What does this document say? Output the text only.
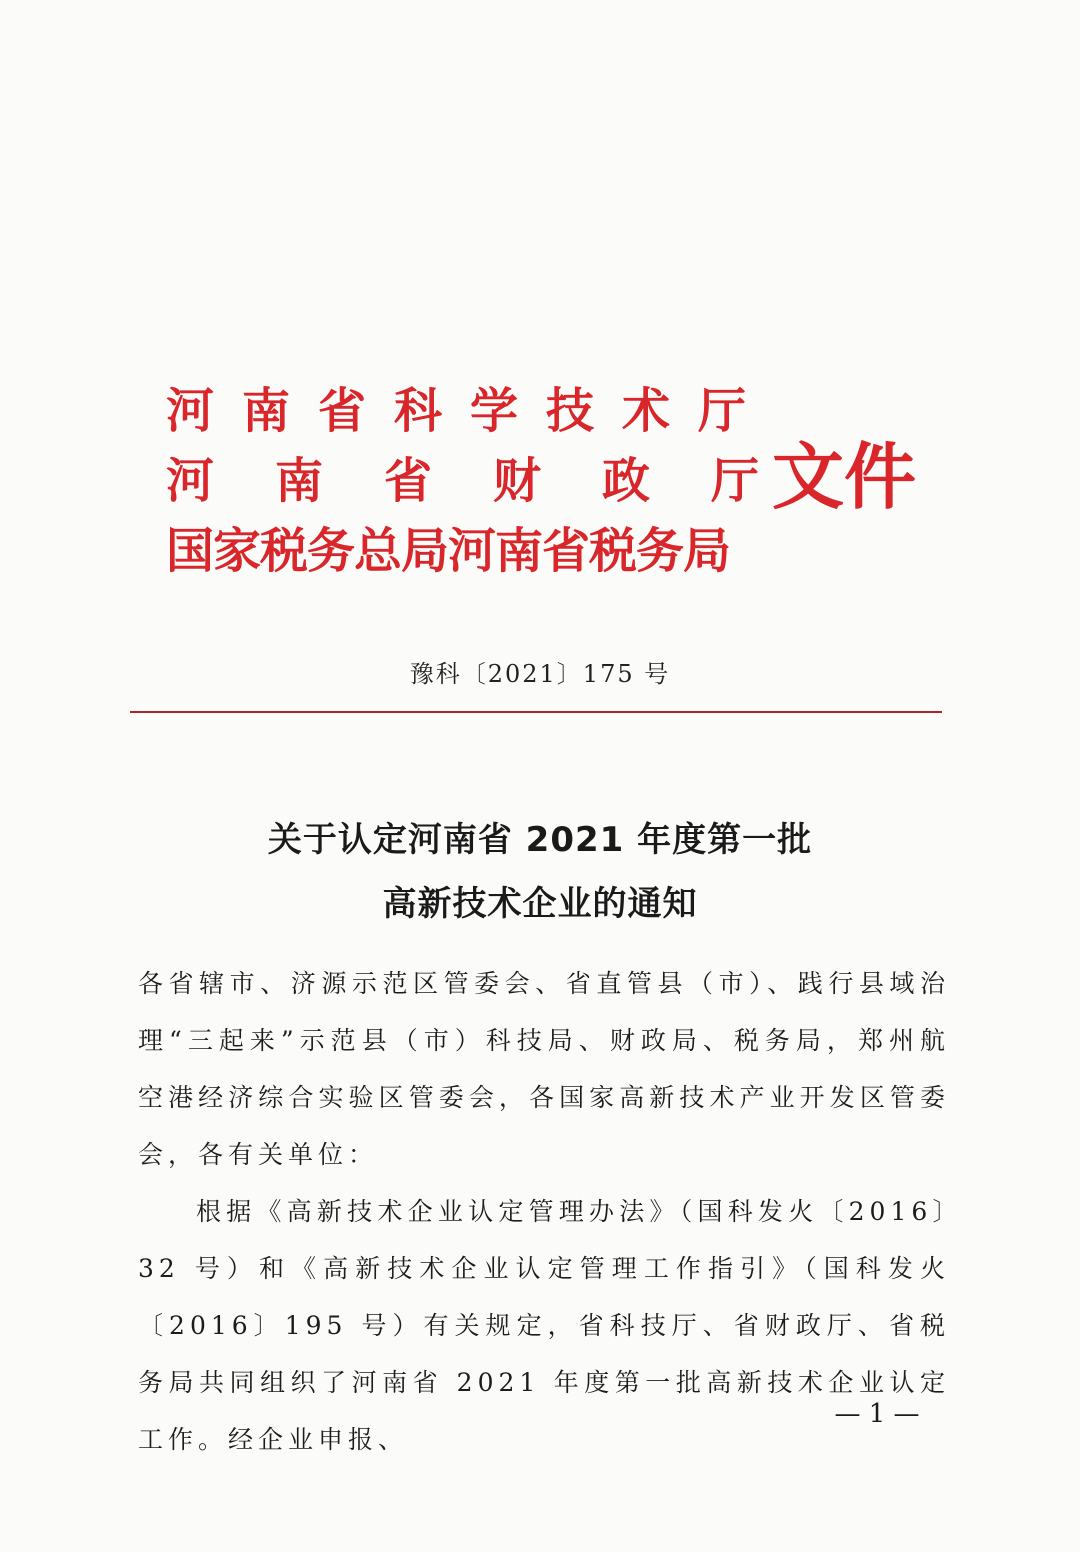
河南省科学技术厅
河南省财政厅
国家税务总局河南省税务局
文件
豫科〔2021〕175 号
关于认定河南省 2021 年度第一批
高新技术企业的通知

各省辖市、济源示范区管委会、省直管县（市）、践行县域治理“三起来”示范县（市）科技局、财政局、税务局，郑州航空港经济综合实验区管委会，各国家高新技术产业开发区管委会，各有关单位：

根据《高新技术企业认定管理办法》（国科发火〔2016〕32 号）和《高新技术企业认定管理工作指引》（国科发火〔2016〕195 号）有关规定，省科技厅、省财政厅、省税务局共同组织了河南省 2021 年度第一批高新技术企业认定工作。经企业申报、

— 1 —
